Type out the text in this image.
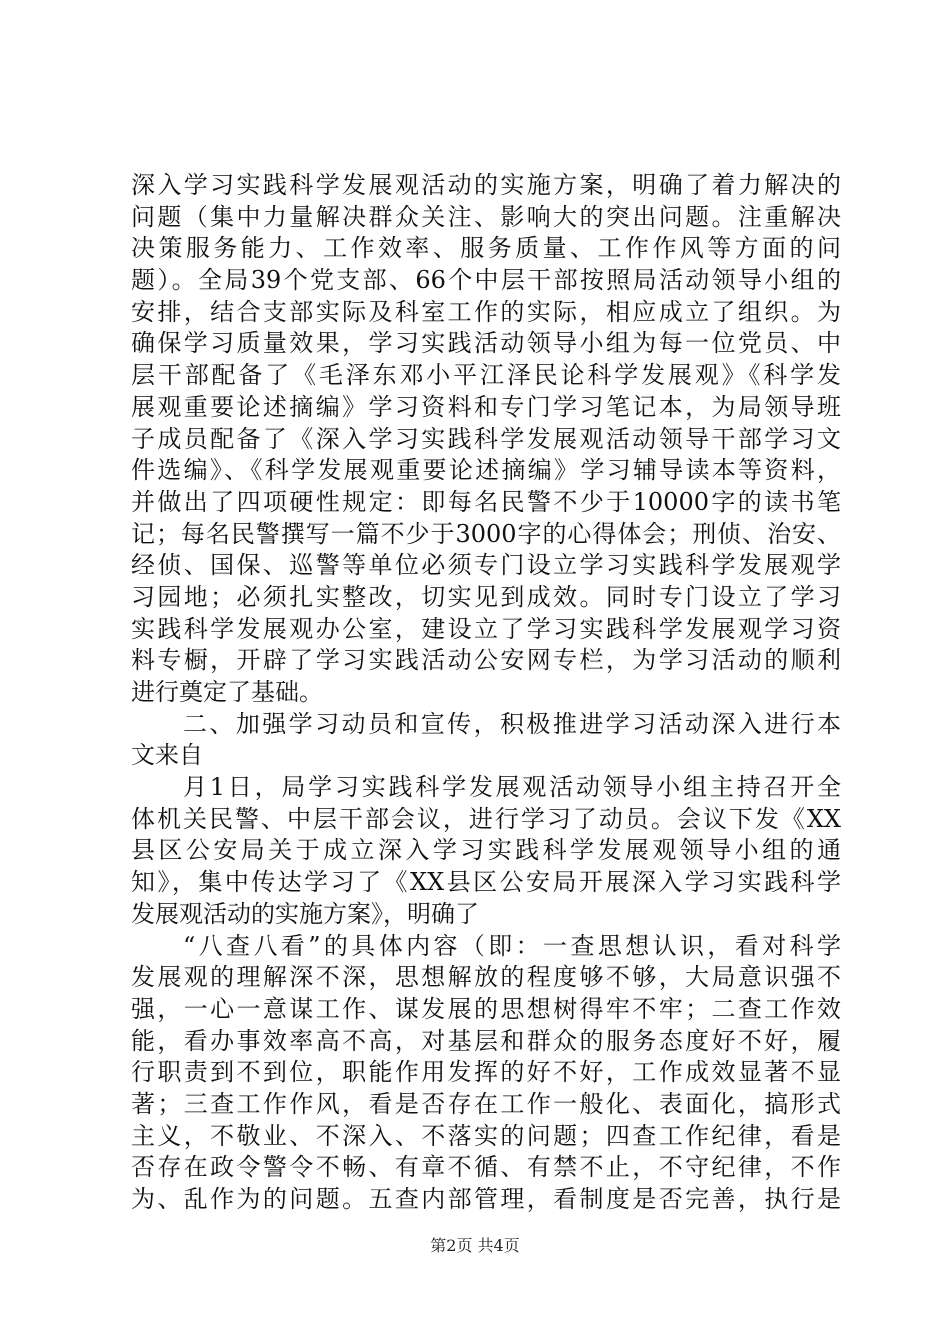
深入学习实践科学发展观活动的实施方案，明确了着力解决的
问题（集中力量解决群众关注、影响大的突出问题。注重解决
决策服务能力、工作效率、服务质量、工作作风等方面的问
题）。全局39个党支部、66个中层干部按照局活动领导小组的
安排，结合支部实际及科室工作的实际，相应成立了组织。为
确保学习质量效果，学习实践活动领导小组为每一位党员、中
层干部配备了《毛泽东邓小平江泽民论科学发展观》《科学发
展观重要论述摘编》学习资料和专门学习笔记本，为局领导班
子成员配备了《深入学习实践科学发展观活动领导干部学习文
件选编》、《科学发展观重要论述摘编》学习辅导读本等资料，
并做出了四项硬性规定：即每名民警不少于10000字的读书笔
记；每名民警撰写一篇不少于3000字的心得体会；刑侦、治安、
经侦、国保、巡警等单位必须专门设立学习实践科学发展观学
习园地；必须扎实整改，切实见到成效。同时专门设立了学习
实践科学发展观办公室，建设立了学习实践科学发展观学习资
料专橱，开辟了学习实践活动公安网专栏，为学习活动的顺利
进行奠定了基础。
二、加强学习动员和宣传，积极推进学习活动深入进行本
文来自
月1日，局学习实践科学发展观活动领导小组主持召开全
体机关民警、中层干部会议，进行学习了动员。会议下发《XX
县区公安局关于成立深入学习实践科学发展观领导小组的通
知》，集中传达学习了《XX县区公安局开展深入学习实践科学
发展观活动的实施方案》，明确了
“八查八看”的具体内容（即：一查思想认识，看对科学
发展观的理解深不深，思想解放的程度够不够，大局意识强不
强，一心一意谋工作、谋发展的思想树得牢不牢；二查工作效
能，看办事效率高不高，对基层和群众的服务态度好不好，履
行职责到不到位，职能作用发挥的好不好，工作成效显著不显
著；三查工作作风，看是否存在工作一般化、表面化，搞形式
主义，不敬业、不深入、不落实的问题；四查工作纪律，看是
否存在政令警令不畅、有章不循、有禁不止，不守纪律，不作
为、乱作为的问题。五查内部管理，看制度是否完善，执行是
第2页 共4页
